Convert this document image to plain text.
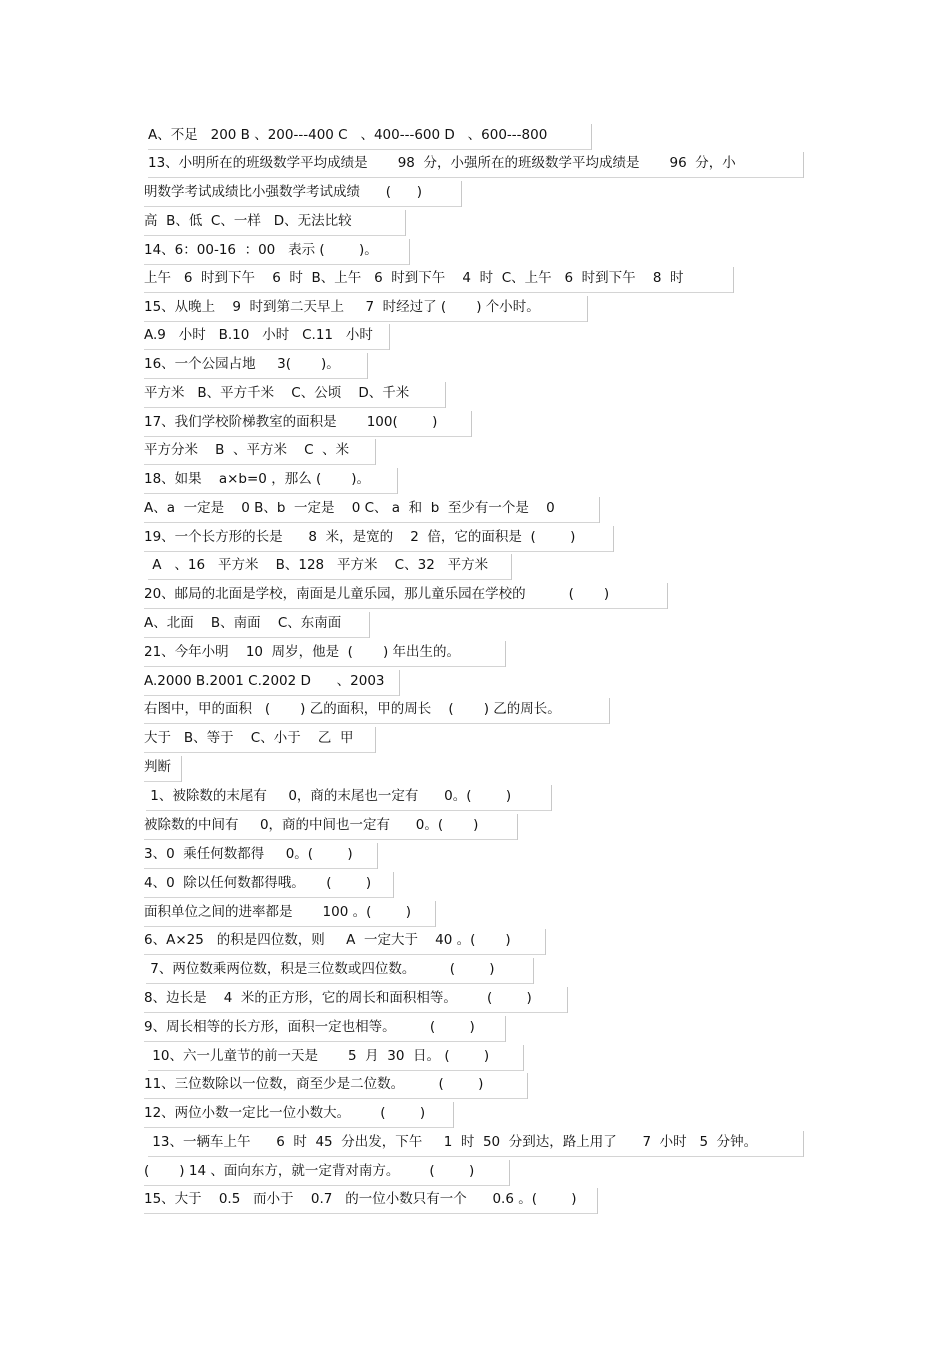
A、不足   200 B 、200---400 C   、400---600 D   、600---800
13、小明所在的班级数学平均成绩是       98  分，小强所在的班级数学平均成绩是       96  分，小
明数学考试成绩比小强数学考试成绩      (      )
高  B、低  C、一样   D、无法比较
14、6：00-16  ：00   表示 (        )。
上午   6  时到下午    6  时  B、上午   6  时到下午    4  时  C、上午   6  时到下午    8  时
15、从晚上    9  时到第二天早上     7  时经过了 (       ) 个小时。
A.9   小时   B.10   小时   C.11   小时
16、一个公园占地     3(       )。
平方米   B、平方千米    C、公顷    D、千米
17、我们学校阶梯教室的面积是       100(        )
平方分米    B  、平方米    C  、米
18、如果    a×b=0 ，那么 (       )。
A、a  一定是    0 B、b  一定是    0 C、 a  和  b  至少有一个是    0
19、一个长方形的长是      8  米，是宽的    2  倍，它的面积是  (        )
A   、16   平方米    B、128   平方米    C、32   平方米
20、邮局的北面是学校，南面是儿童乐园，那儿童乐园在学校的          (       )
A、北面    B、南面    C、东南面
21、今年小明    10  周岁，他是  (       ) 年出生的。
A.2000 B.2001 C.2002 D      、2003
右图中，甲的面积   (       ) 乙的面积，甲的周长    (       ) 乙的周长。
大于   B、等于    C、小于    乙  甲
判断
1、被除数的末尾有     0，商的末尾也一定有      0。(        )
被除数的中间有     0，商的中间也一定有      0。(       )
3、0  乘任何数都得     0。(        )
4、0  除以任何数都得哦。     (        )
面积单位之间的进率都是       100 。(        )
6、A×25   的积是四位数，则     A  一定大于    40 。(       )
7、两位数乘两位数，积是三位数或四位数。        (        )
8、边长是    4  米的正方形，它的周长和面积相等。       (        )
9、周长相等的长方形，面积一定也相等。        (        )
10、六一儿童节的前一天是       5  月  30  日。 (        )
11、三位数除以一位数，商至少是二位数。        (        )
12、两位小数一定比一位小数大。       (        )
13、一辆车上午      6  时  45  分出发，下午     1  时  50  分到达，路上用了      7  小时   5  分钟。
(       ) 14 、面向东方，就一定背对南方。       (        )
15、大于    0.5   而小于    0.7   的一位小数只有一个      0.6 。(        )
